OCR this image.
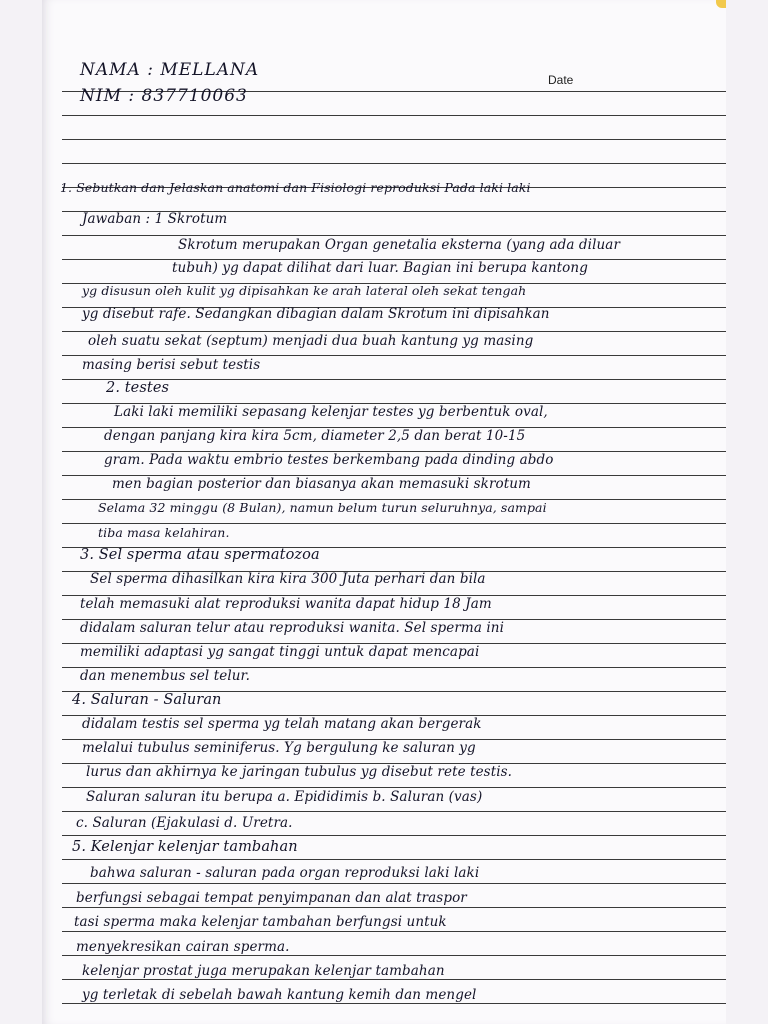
Date
NAMA : MELLANA
NIM : 837710063
1. Sebutkan dan Jelaskan anatomi dan Fisiologi reproduksi Pada laki laki
Jawaban : 1 Skrotum
Skrotum merupakan Organ genetalia eksterna (yang ada diluar
tubuh) yg dapat dilihat dari luar. Bagian ini berupa kantong
yg disusun oleh kulit yg dipisahkan ke arah lateral oleh sekat tengah
yg disebut rafe. Sedangkan dibagian dalam Skrotum ini dipisahkan
oleh suatu sekat (septum) menjadi dua buah kantung yg masing
masing berisi sebut testis
2. testes
Laki laki memiliki sepasang kelenjar testes yg berbentuk oval,
dengan panjang kira kira 5cm, diameter 2,5 dan berat 10-15
gram. Pada waktu embrio testes berkembang pada dinding abdo
men bagian posterior dan biasanya akan memasuki skrotum
Selama 32 minggu (8 Bulan), namun belum turun seluruhnya, sampai
tiba masa kelahiran.
3. Sel sperma atau spermatozoa
Sel sperma dihasilkan kira kira 300 Juta perhari dan bila
telah memasuki alat reproduksi wanita dapat hidup 18 Jam
didalam saluran telur atau reproduksi wanita. Sel sperma ini
memiliki adaptasi yg sangat tinggi untuk dapat mencapai
dan menembus sel telur.
4. Saluran - Saluran
didalam testis sel sperma yg telah matang akan bergerak
melalui tubulus seminiferus. Yg bergulung ke saluran yg
lurus dan akhirnya ke jaringan tubulus yg disebut rete testis.
Saluran saluran itu berupa a. Epididimis b. Saluran (vas)
c. Saluran (Ejakulasi d. Uretra.
5. Kelenjar kelenjar tambahan
bahwa saluran - saluran pada organ reproduksi laki laki
berfungsi sebagai tempat penyimpanan dan alat traspor
tasi sperma maka kelenjar tambahan berfungsi untuk
menyekresikan cairan sperma.
kelenjar prostat juga merupakan kelenjar tambahan
yg terletak di sebelah bawah kantung kemih dan mengel
